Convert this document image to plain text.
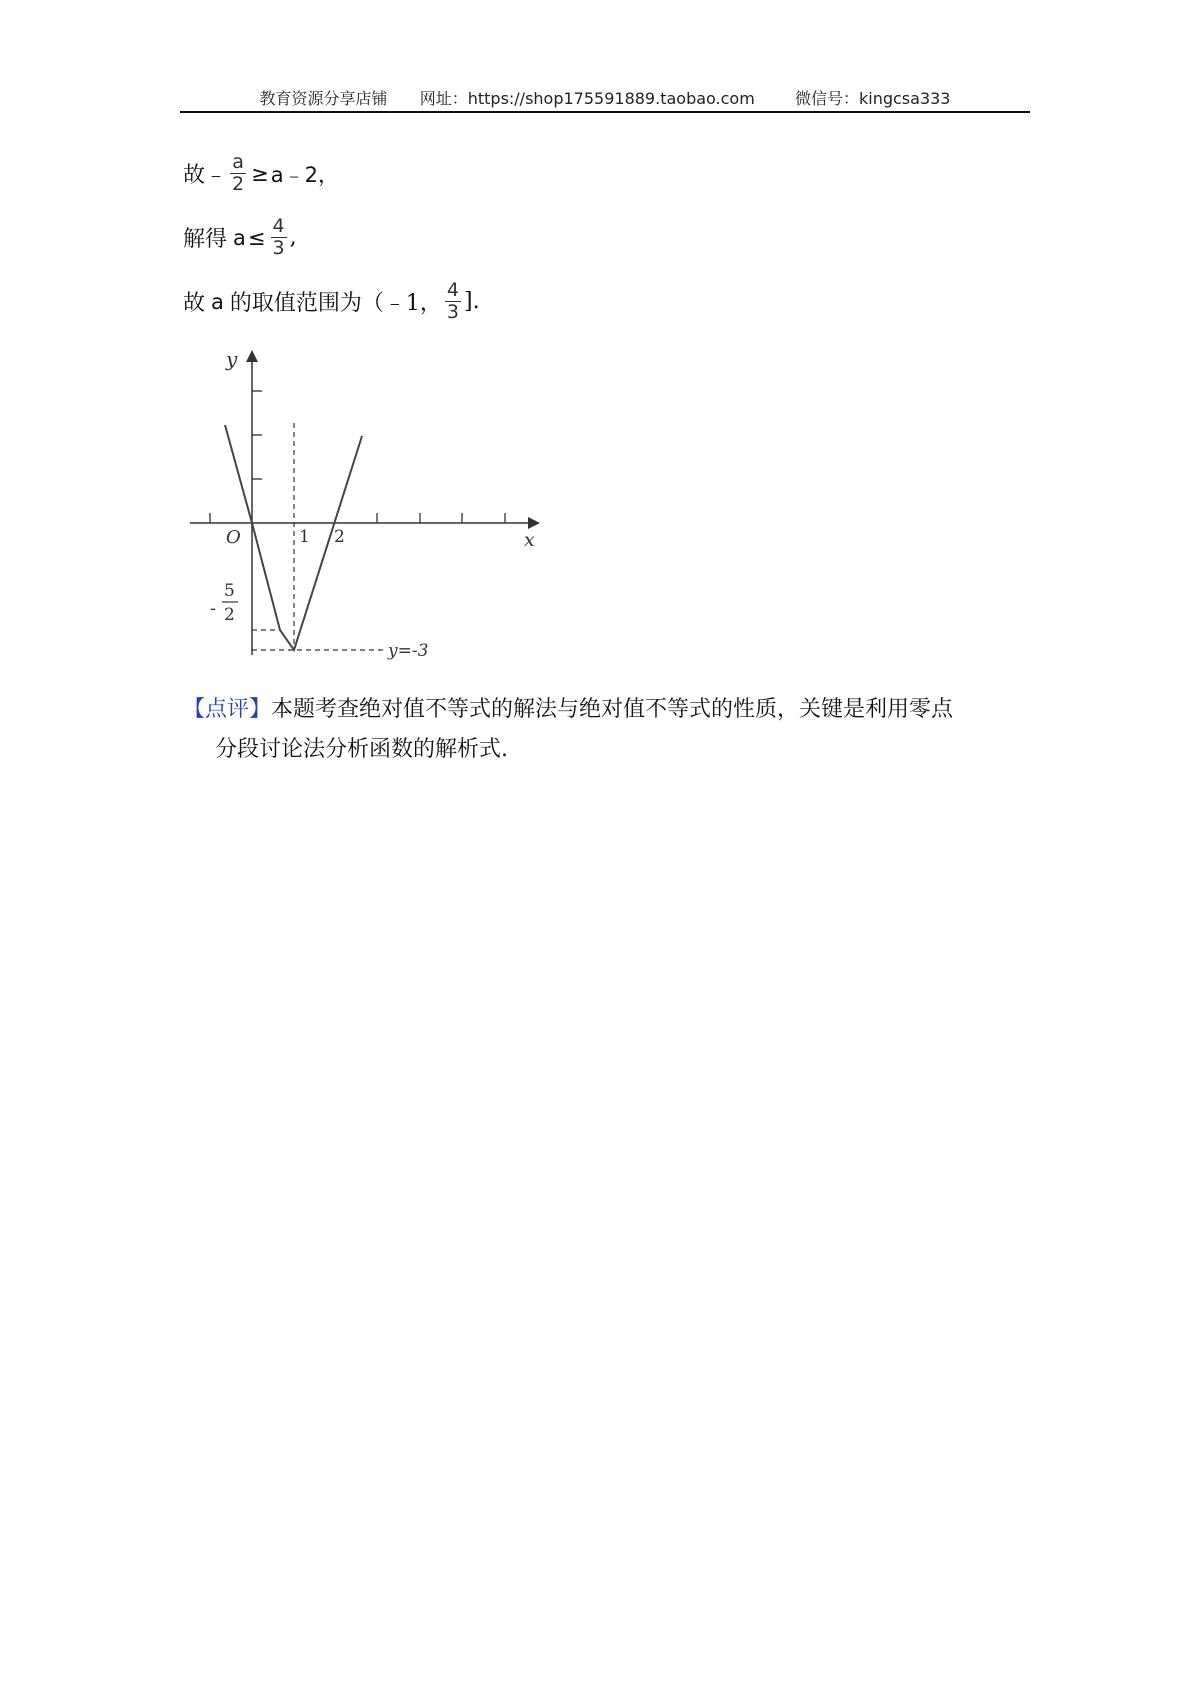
教育资源分享店铺 网址：https://shop175591889.taobao.com	微信号：kingcsa333
故﹣ $\frac{a}{2}$ ≥ a﹣2，
解得 $a \le \frac{4}{3}$ ,
故 a 的取值范围为（﹣1， $\frac{4}{3}$ ].
y
x
O	1 2
-
5
2
y=-3
【点评】本题考查绝对值不等式的解法与绝对值不等式的性质，关键是利用零点
分段讨论法分析函数的解析式.
